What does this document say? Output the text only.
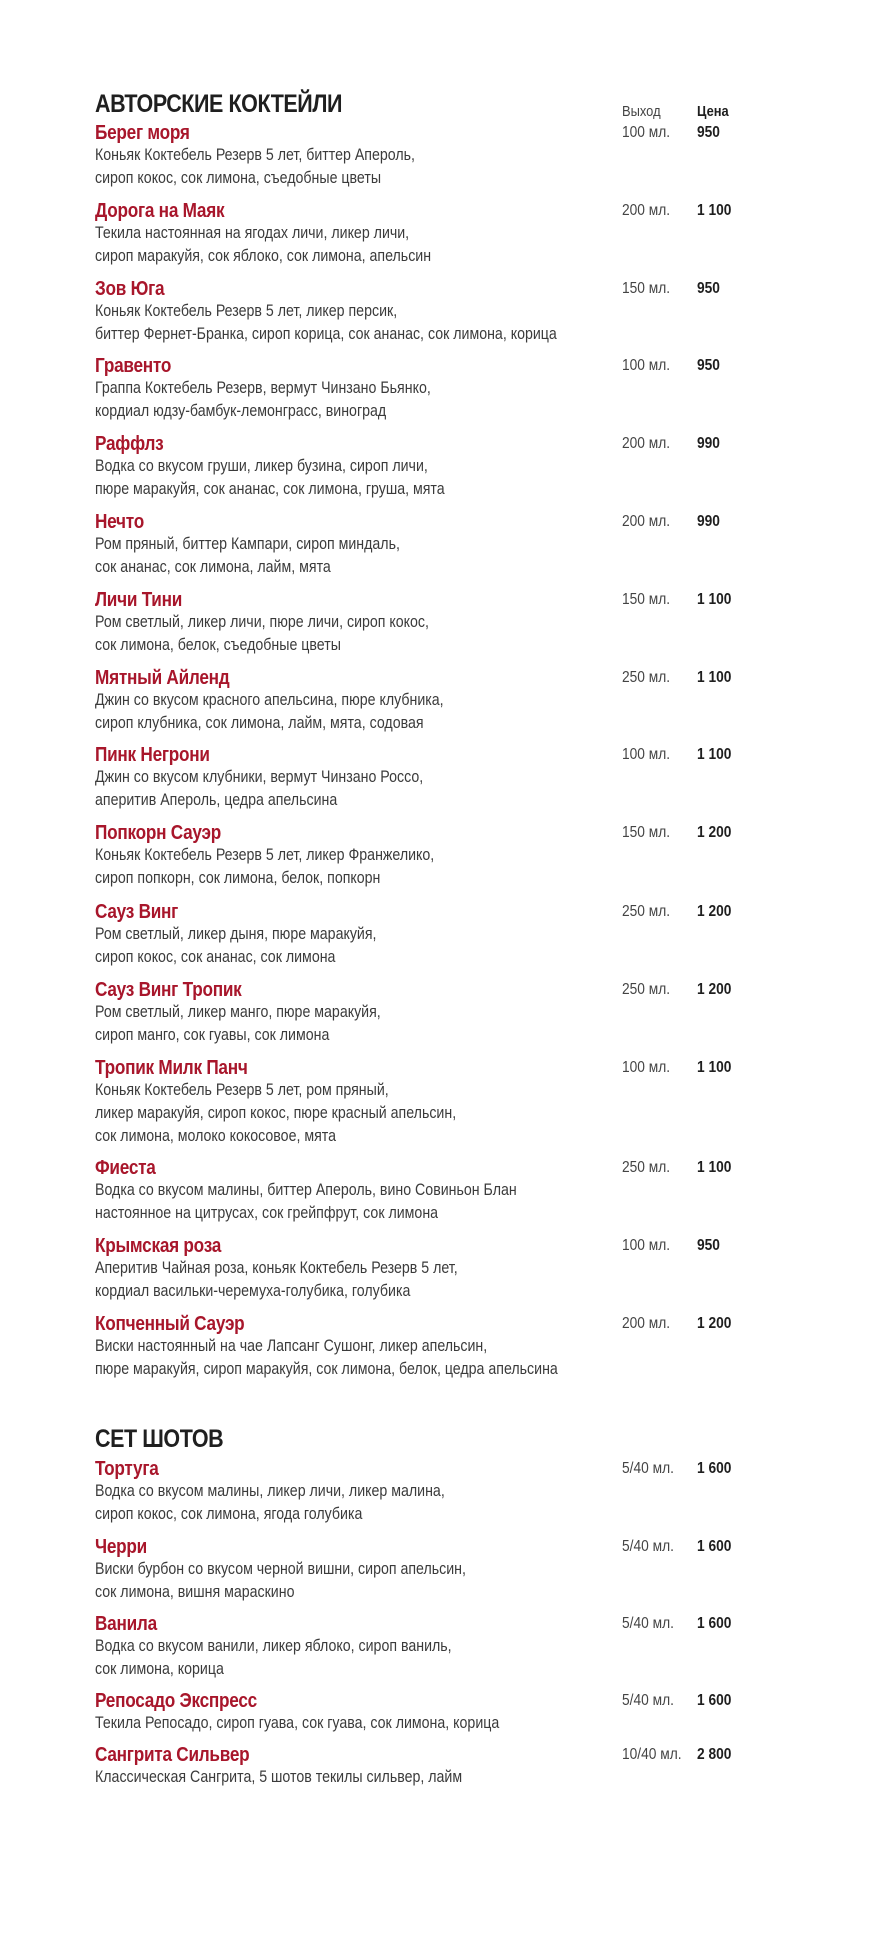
АВТОРСКИЕ КОКТЕЙЛИ	Выход Цена
Берег моря
Коньяк Коктебель Резерв 5 лет, биттер Апероль,
сироп кокос, сок лимона, съедобные цветы
100 мл. 950
Дорога на Маяк
Текила настоянная на ягодах личи, ликер личи,
сироп маракуйя, сок яблоко, сок лимона, апельсин
200 мл. 1 100
Зов Юга
Коньяк Коктебель Резерв 5 лет, ликер персик,
биттер Фернет-Бранка, сироп корица, сок ананас, сок лимона, корица
150 мл. 950
Гравенто
Граппа Коктебель Резерв, вермут Чинзано Бьянко,
кордиал юдзу-бамбук-лемонграсс, виноград
100 мл. 950
Раффлз
Водка со вкусом груши, ликер бузина, сироп личи,
пюре маракуйя, сок ананас, сок лимона, груша, мята
200 мл. 990
Нечто
Ром пряный, биттер Кампари, сироп миндаль,
сок ананас, сок лимона, лайм, мята
200 мл. 990
Личи Тини
Ром светлый, ликер личи, пюре личи, сироп кокос,
сок лимона, белок, съедобные цветы
150 мл. 1 100
Мятный Айленд
Джин со вкусом красного апельсина, пюре клубника,
сироп клубника, сок лимона, лайм, мята, содовая
250 мл. 1 100
Пинк Негрони
Джин со вкусом клубники, вермут Чинзано Россо,
аперитив Апероль, цедра апельсина
100 мл. 1 100
Попкорн Сауэр
Коньяк Коктебель Резерв 5 лет, ликер Франжелико,
сироп попкорн, сок лимона, белок, попкорн
150 мл. 1 200
Сауз Винг
Ром светлый, ликер дыня, пюре маракуйя,
сироп кокос, сок ананас, сок лимона
250 мл. 1 200
Сауз Винг Тропик
Ром светлый, ликер манго, пюре маракуйя,
сироп манго, сок гуавы, сок лимона
250 мл. 1 200
Тропик Милк Панч
Коньяк Коктебель Резерв 5 лет, ром пряный,
ликер маракуйя, сироп кокос, пюре красный апельсин,
сок лимона, молоко кокосовое, мята
100 мл. 1 100
Фиеста
Водка со вкусом малины, биттер Апероль, вино Совиньон Блан
настоянное на цитрусах, сок грейпфрут, сок лимона
250 мл. 1 100
Крымская роза
Аперитив Чайная роза, коньяк Коктебель Резерв 5 лет,
кордиал васильки-черемуха-голубика, голубика
100 мл. 950
Копченный Сауэр
Виски настоянный на чае Лапсанг Сушонг, ликер апельсин,
пюре маракуйя, сироп маракуйя, сок лимона, белок, цедра апельсина
200 мл. 1 200
СЕТ ШОТОВ
Тортуга
Водка со вкусом малины, ликер личи, ликер малина,
сироп кокос, сок лимона, ягода голубика
5/40 мл. 1 600
Черри
Виски бурбон со вкусом черной вишни, сироп апельсин,
сок лимона, вишня мараскино
5/40 мл. 1 600
Ванила
Водка со вкусом ванили, ликер яблоко, сироп ваниль,
сок лимона, корица
5/40 мл. 1 600
Репосадо Экспресс
Текила Репосадо, сироп гуава, сок гуава, сок лимона, корица
5/40 мл. 1 600
Сангрита Сильвер
Классическая Сангрита, 5 шотов текилы сильвер, лайм
10/40 мл. 2 800
